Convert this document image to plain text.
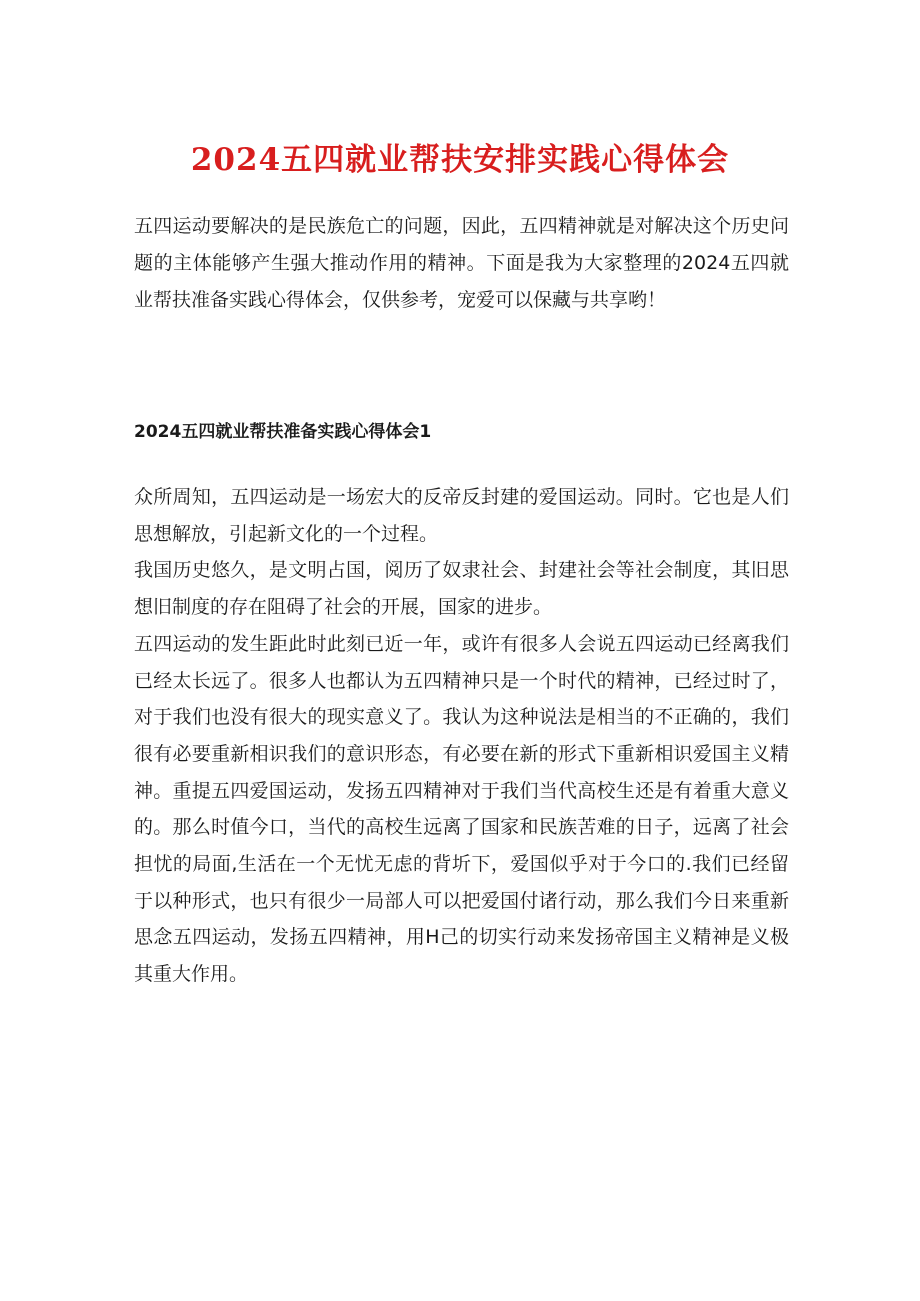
2024五四就业帮扶安排实践心得体会

五四运动要解决的是民族危亡的问题，因此，五四精神就是对解决这个历史问题的主体能够产生强大推动作用的精神。下面是我为大家整理的2024五四就业帮扶准备实践心得体会，仅供参考，宠爱可以保藏与共享哟！

2024五四就业帮扶准备实践心得体会1

众所周知，五四运动是一场宏大的反帝反封建的爱国运动。同时。它也是人们思想解放，引起新文化的一个过程。

我国历史悠久，是文明占国，阅历了奴隶社会、封建社会等社会制度，其旧思想旧制度的存在阻碍了社会的开展，国家的进步。

五四运动的发生距此时此刻已近一年，或许有很多人会说五四运动已经离我们已经太长远了。很多人也都认为五四精神只是一个时代的精神，已经过时了，对于我们也没有很大的现实意义了。我认为这种说法是相当的不正确的，我们很有必要重新相识我们的意识形态，有必要在新的形式下重新相识爱国主义精神。重提五四爱国运动，发扬五四精神对于我们当代高校生还是有着重大意义的。那么时值今口，当代的高校生远离了国家和民族苦难的日子，远离了社会担忧的局面,生活在一个无忧无虑的背圻下，爱国似乎对于今口的.我们已经留于以种形式，也只有很少一局部人可以把爱国付诸行动，那么我们今日来重新思念五四运动，发扬五四精神，用H己的切实行动来发扬帝国主义精神是义极其重大作用。
